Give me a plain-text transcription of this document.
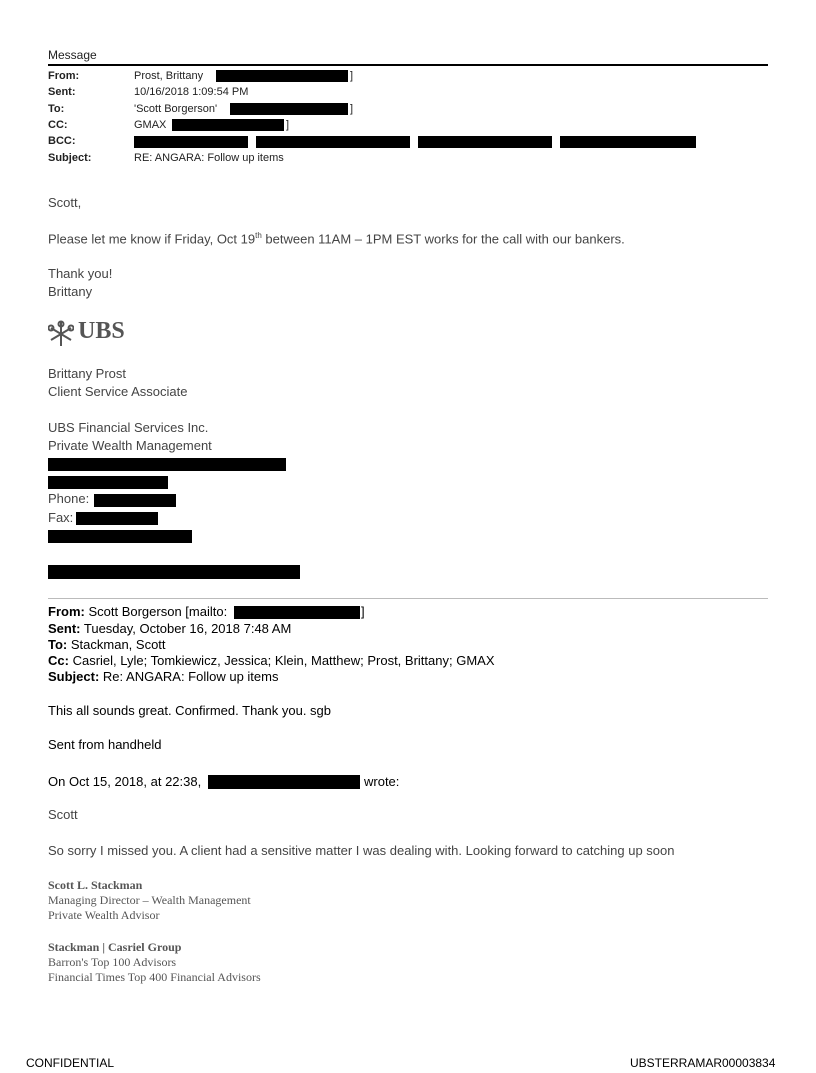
Message
From:	Prost, Brittany	]
Sent:	10/16/2018 1:09:54 PM
To:	'Scott Borgerson'	]
CC:	GMAX	]
BCC:
Subject:	RE: ANGARA: Follow up items
Scott,
Please let me know if Friday, Oct 19th between 11AM – 1PM EST works for the call with our bankers.
Thank you!
Brittany
UBS
Brittany Prost
Client Service Associate
UBS Financial Services Inc.
Private Wealth Management
Phone:
Fax:
From: Scott Borgerson [mailto:	]
Sent: Tuesday, October 16, 2018 7:48 AM
To: Stackman, Scott
Cc: Casriel, Lyle; Tomkiewicz, Jessica; Klein, Matthew; Prost, Brittany; GMAX
Subject: Re: ANGARA: Follow up items
This all sounds great. Confirmed. Thank you. sgb
Sent from handheld
On Oct 15, 2018, at 22:38,	wrote:
Scott
So sorry I missed you. A client had a sensitive matter I was dealing with. Looking forward to catching up soon
Scott L. Stackman
Managing Director – Wealth Management
Private Wealth Advisor
Stackman | Casriel Group
Barron's Top 100 Advisors
Financial Times Top 400 Financial Advisors
CONFIDENTIAL	UBSTERRAMAR00003834
